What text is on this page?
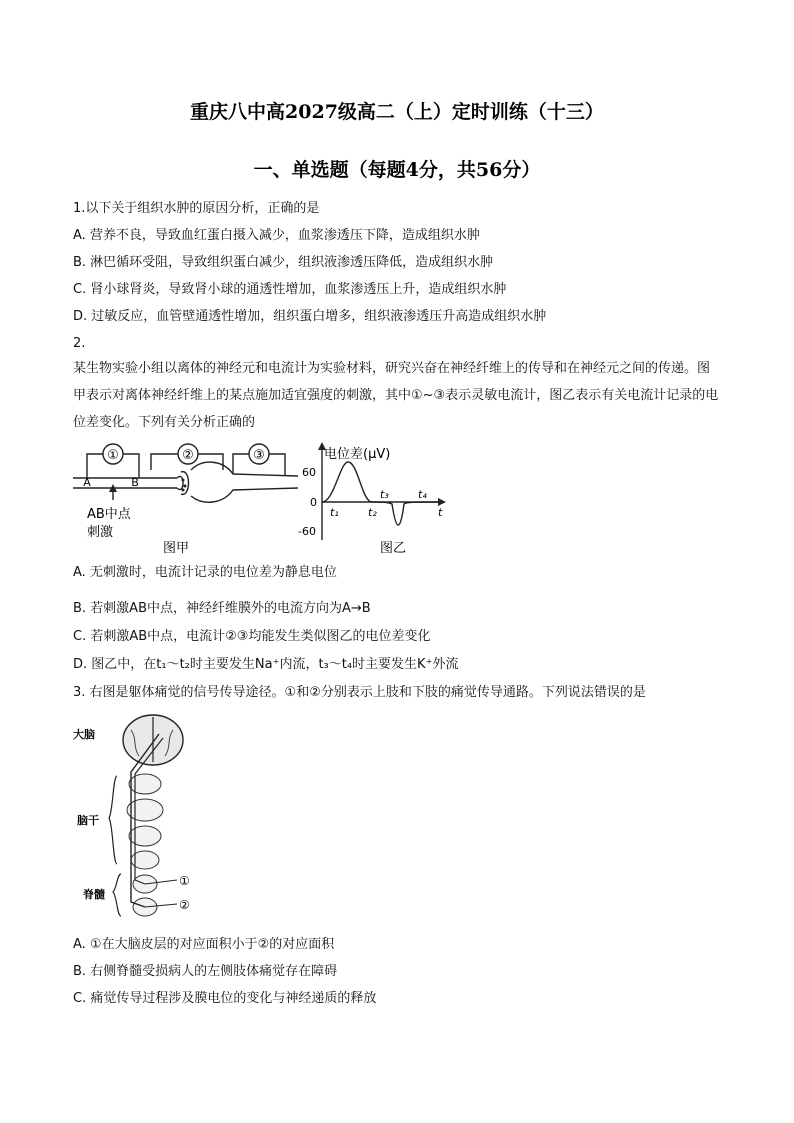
重庆八中高2027级高二（上）定时训练（十三）
一、单选题（每题4分，共56分）
1.以下关于组织水肿的原因分析，正确的是
A. 营养不良，导致血红蛋白摄入减少，血浆渗透压下降，造成组织水肿
B. 淋巴循环受阻，导致组织蛋白减少，组织液渗透压降低，造成组织水肿
C. 肾小球肾炎，导致肾小球的通透性增加，血浆渗透压上升，造成组织水肿
D. 过敏反应，血管壁通透性增加，组织蛋白增多，组织液渗透压升高造成组织水肿
2.
某生物实验小组以离体的神经元和电流计为实验材料，研究兴奋在神经纤维上的传导和在神经元之间的传递。图甲表示对离体神经纤维上的某点施加适宜强度的刺激，其中①~③表示灵敏电流计，图乙表示有关电流计记录的电位差变化。下列有关分析正确的
①	②	③
A	B
AB中点
刺激
图甲
电位差(μV)
60
0
-60
t₁	t₂
t₃	t₄
t
图乙
A. 无刺激时，电流计记录的电位差为静息电位
B. 若刺激AB中点，神经纤维膜外的电流方向为A→B
C. 若刺激AB中点，电流计②③均能发生类似图乙的电位差变化
D. 图乙中，在t₁～t₂时主要发生Na⁺内流，t₃～t₄时主要发生K⁺外流
3. 右图是躯体痛觉的信号传导途径。①和②分别表示上肢和下肢的痛觉传导通路。下列说法错误的是
大脑
脑干
脊髓
①
②
A. ①在大脑皮层的对应面积小于②的对应面积
B. 右侧脊髓受损病人的左侧肢体痛觉存在障碍
C. 痛觉传导过程涉及膜电位的变化与神经递质的释放
